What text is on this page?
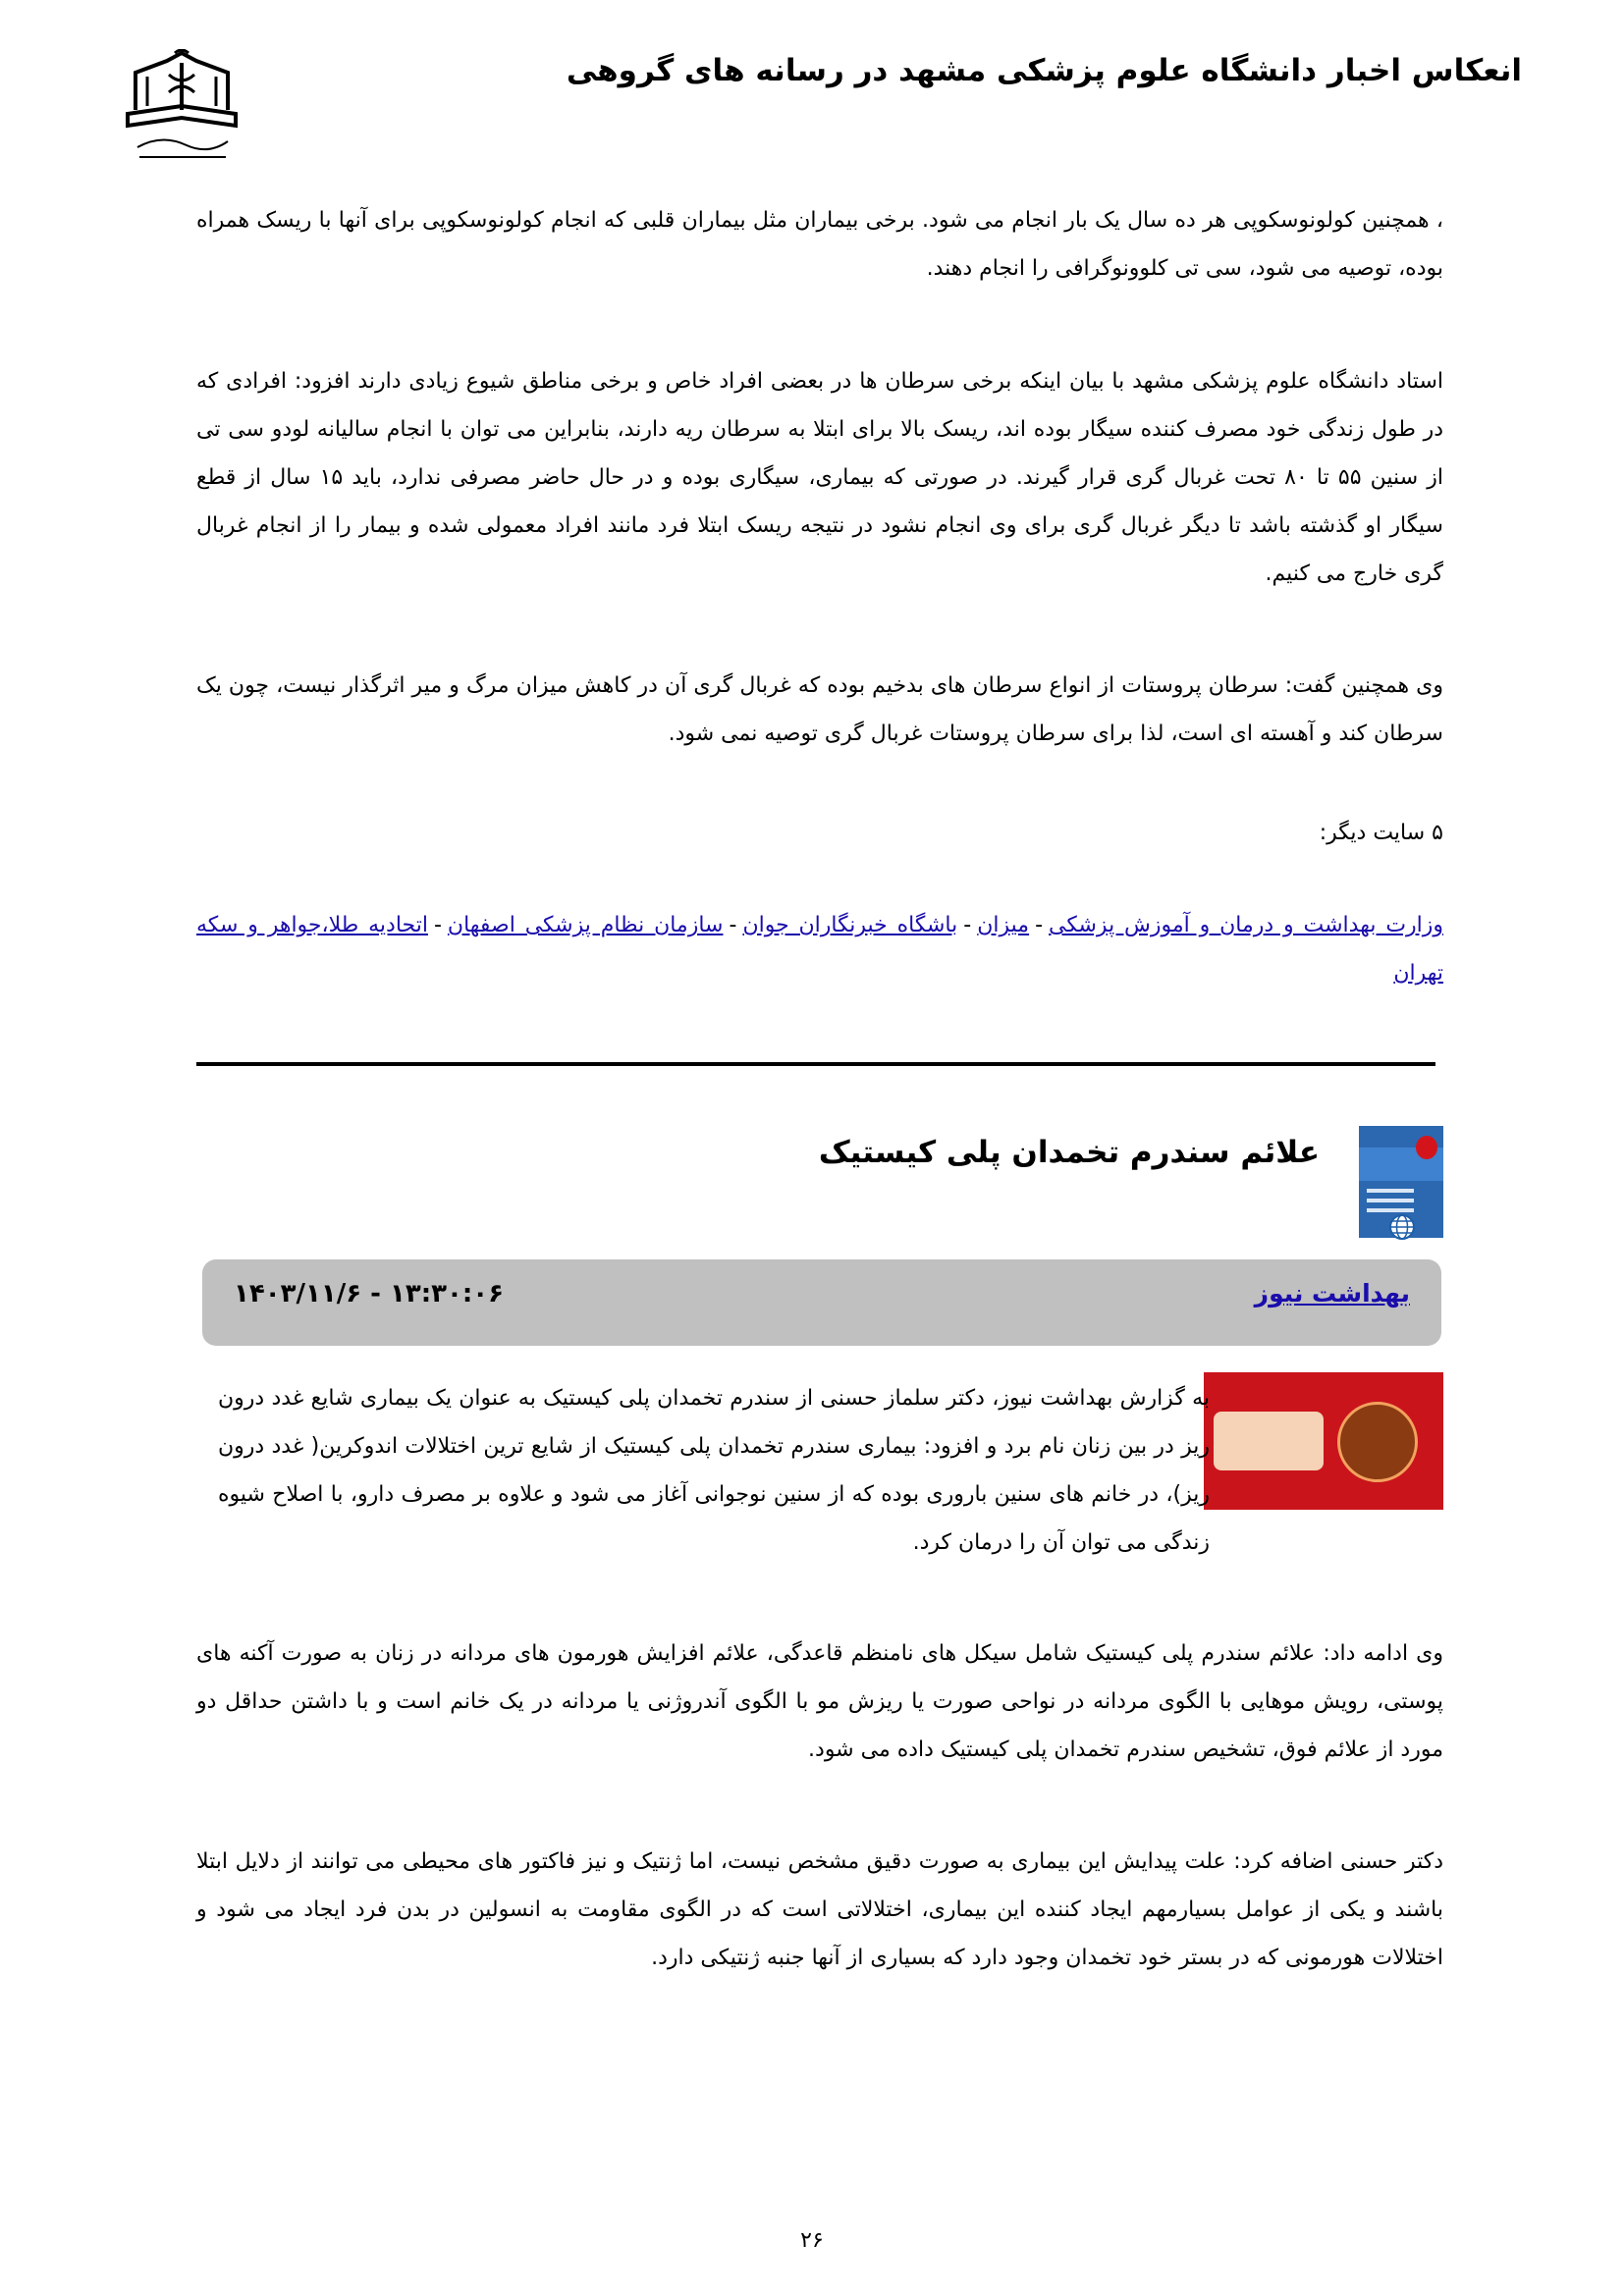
انعکاس اخبار دانشگاه علوم پزشکی مشهد در رسانه های گروهی

، همچنین کولونوسکوپی هر ده سال یک بار انجام می شود. برخی بیماران مثل بیماران قلبی که انجام کولونوسکوپی برای آنها با ریسک همراه بوده، توصیه می شود، سی تی کلوونوگرافی را انجام دهند.

استاد دانشگاه علوم پزشکی مشهد با بیان اینکه برخی سرطان ها در بعضی افراد خاص و برخی مناطق شیوع زیادی دارند افزود: افرادی که در طول زندگی خود مصرف کننده سیگار بوده اند، ریسک بالا برای ابتلا به سرطان ریه دارند، بنابراین می توان با انجام سالیانه لودو سی تی از سنین ۵۵ تا ۸۰ تحت غربال گری قرار گیرند. در صورتی که بیماری، سیگاری بوده و در حال حاضر مصرفی ندارد، باید ۱۵ سال از قطع سیگار او گذشته باشد تا دیگر غربال گری برای وی انجام نشود در نتیجه ریسک ابتلا فرد مانند افراد معمولی شده و بیمار را از انجام غربال گری خارج می کنیم.

وی همچنین گفت: سرطان پروستات از انواع سرطان های بدخیم بوده که غربال گری آن در کاهش میزان مرگ و میر اثرگذار نیست، چون یک سرطان کند و آهسته ای است، لذا برای سرطان پروستات غربال گری توصیه نمی شود.

۵ سایت دیگر:
وزارت بهداشت و درمان و آموزش پزشکی-میزان-باشگاه خبرنگاران جوان-سازمان نظام پزشکی اصفهان-اتحادیه طلا،جواهر و سکه تهران
علائم سندرم تخمدان پلی کیستیک
بهداشت نیوز
۱۴۰۳/۱۱/۶ - ۱۳:۳۰:۰۶

به گزارش بهداشت نیوز، دکتر سلماز حسنی از سندرم تخمدان پلی کیستیک به عنوان یک بیماری شایع غدد درون ریز در بین زنان نام برد و افزود: بیماری سندرم تخمدان پلی کیستیک از شایع ترین اختلالات اندوکرین( غدد درون ریز)، در خانم های سنین باروری بوده که از سنین نوجوانی آغاز می شود و علاوه بر مصرف دارو، با اصلاح شیوه زندگی می توان آن را درمان کرد.

وی ادامه داد: علائم سندرم پلی کیستیک شامل سیکل های نامنظم قاعدگی، علائم افزایش هورمون های مردانه در زنان به صورت آکنه های پوستی، رویش موهایی با الگوی مردانه در نواحی صورت یا ریزش مو با الگوی آندروژنی یا مردانه در یک خانم است و با داشتن حداقل دو مورد از علائم فوق، تشخیص سندرم تخمدان پلی کیستیک داده می شود.

دکتر حسنی اضافه کرد: علت پیدایش این بیماری به صورت دقیق مشخص نیست، اما ژنتیک و نیز فاکتور های محیطی می توانند از دلایل ابتلا باشند و یکی از عوامل بسیارمهم ایجاد کننده این بیماری، اختلالاتی است که در الگوی مقاومت به انسولین در بدن فرد ایجاد می شود و اختلالات هورمونی که در بستر خود تخمدان وجود دارد که بسیاری از آنها جنبه ژنتیکی دارد.

۲۶
